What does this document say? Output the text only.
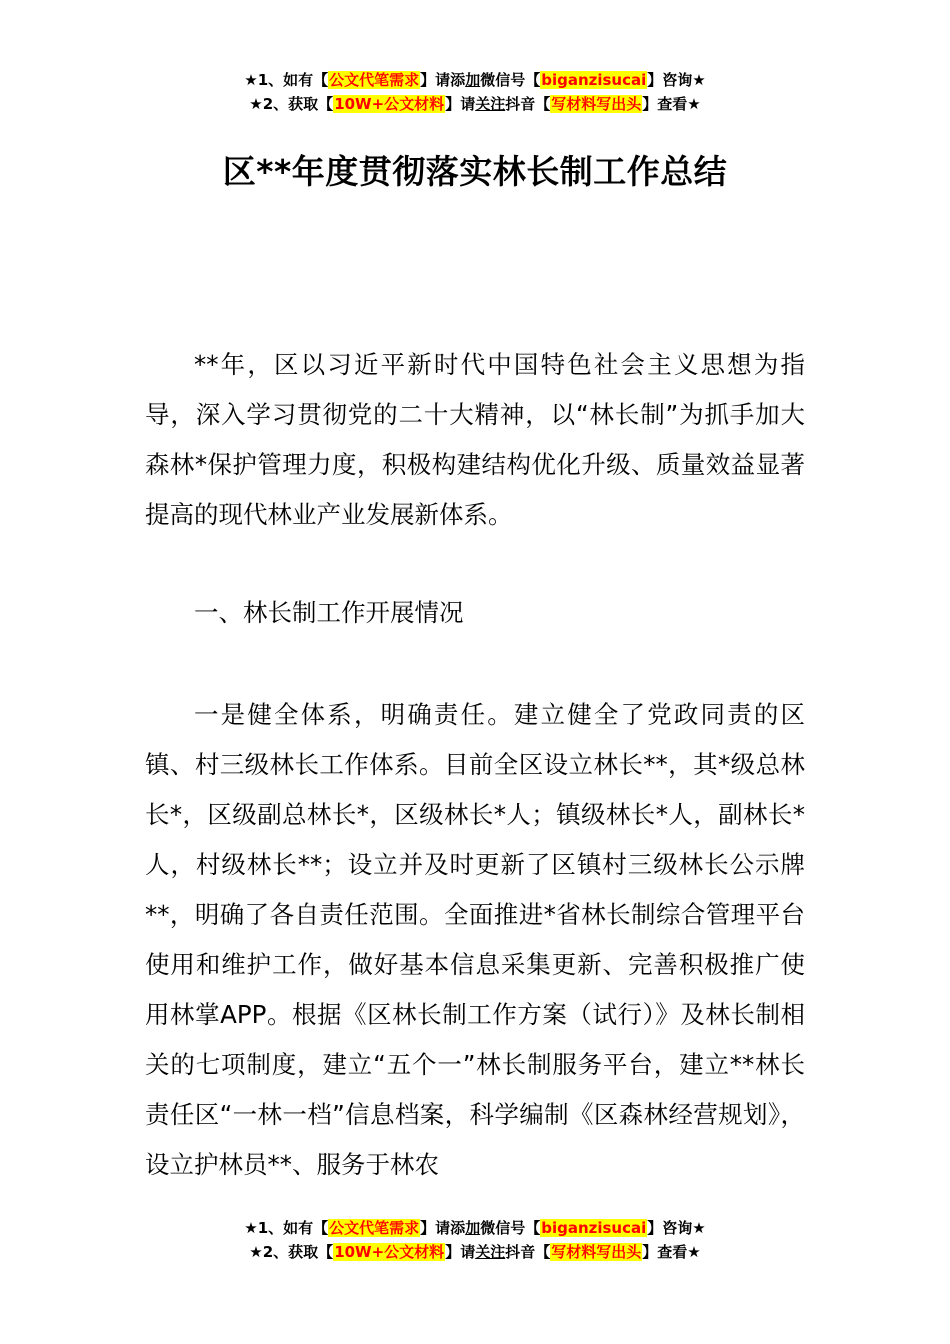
★1、如有【公文代笔需求】请添加微信号【biganzisucai】咨询★
★2、获取【10W+公文材料】请关注抖音【写材料写出头】查看★
区**年度贯彻落实林长制工作总结

**年，区以习近平新时代中国特色社会主义思想为指导，深入学习贯彻党的二十大精神，以“林长制”为抓手加大森林*保护管理力度，积极构建结构优化升级、质量效益显著提高的现代林业产业发展新体系。

一、林长制工作开展情况

一是健全体系，明确责任。建立健全了党政同责的区镇、村三级林长工作体系。目前全区设立林长**，其*级总林长*，区级副总林长*，区级林长*人；镇级林长*人，副林长*人，村级林长**；设立并及时更新了区镇村三级林长公示牌**，明确了各自责任范围。全面推进*省林长制综合管理平台使用和维护工作，做好基本信息采集更新、完善积极推广使用林掌APP。根据《区林长制工作方案（试行）》及林长制相关的七项制度，建立“五个一”林长制服务平台，建立**林长责任区“一林一档”信息档案，科学编制《区森林经营规划》，设立护林员**、服务于林农

★1、如有【公文代笔需求】请添加微信号【biganzisucai】咨询★
★2、获取【10W+公文材料】请关注抖音【写材料写出头】查看★
